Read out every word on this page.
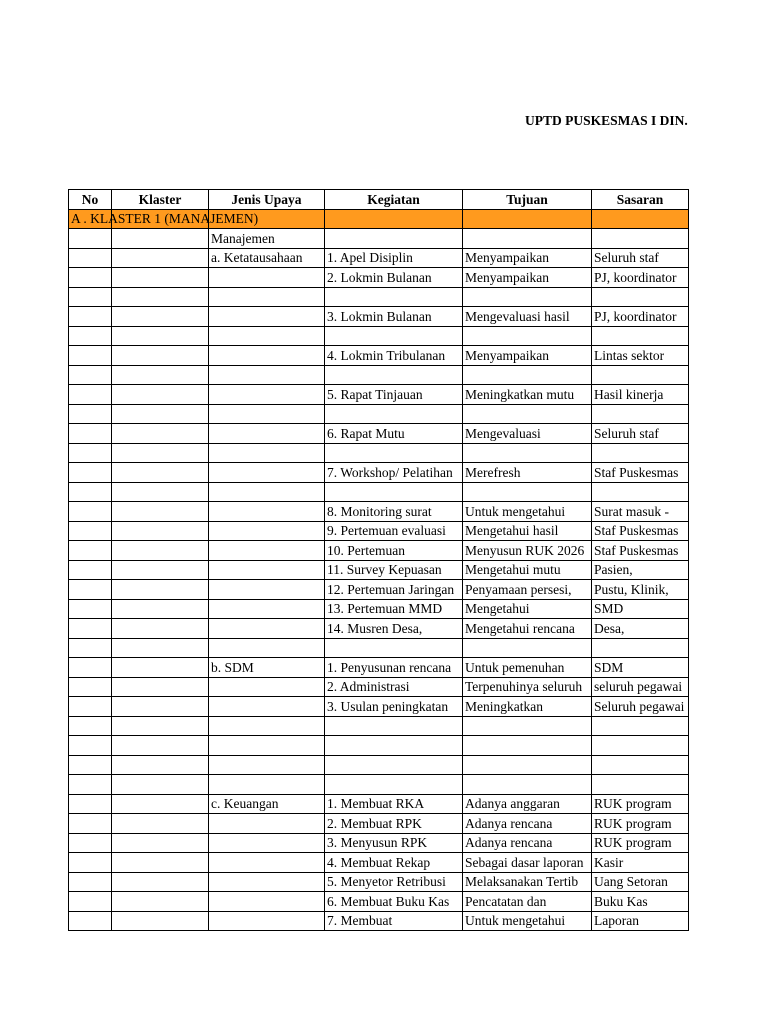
UPTD PUSKESMAS I DIN.
No	Klaster	Jenis Upaya	Kegiatan	Tujuan	Sasaran

A . KLASTER 1 (MANAJEMEN)					

		Manajemen			
		a. Ketatausahaan	1. Apel Disiplin	Menyampaikan	Seluruh staf
			2. Lokmin Bulanan	Menyampaikan	PJ, koordinator

			3. Lokmin Bulanan	Mengevaluasi hasil	PJ, koordinator

			4. Lokmin Tribulanan	Menyampaikan	Lintas sektor

			5. Rapat Tinjauan	Meningkatkan mutu	Hasil kinerja

			6. Rapat Mutu	Mengevaluasi	Seluruh staf

			7. Workshop/ Pelatihan	Merefresh	Staf Puskesmas

			8. Monitoring surat	Untuk mengetahui	Surat masuk -
			9. Pertemuan evaluasi	Mengetahui hasil	Staf Puskesmas
			10. Pertemuan	Menyusun RUK 2026	Staf Puskesmas
			11. Survey Kepuasan	Mengetahui mutu	Pasien,
			12. Pertemuan Jaringan	Penyamaan persesi,	Pustu, Klinik,
			13. Pertemuan MMD	Mengetahui	SMD
			14. Musren Desa,	Mengetahui rencana	Desa,

		b. SDM	1. Penyusunan rencana	Untuk pemenuhan	SDM
			2. Administrasi	Terpenuhinya seluruh	seluruh pegawai
			3. Usulan peningkatan	Meningkatkan	Seluruh pegawai

		c. Keuangan	1. Membuat RKA	Adanya anggaran	RUK program
			2. Membuat RPK	Adanya rencana	RUK program
			3. Menyusun RPK	Adanya rencana	RUK program
			4. Membuat Rekap	Sebagai dasar laporan	Kasir
			5. Menyetor Retribusi	Melaksanakan Tertib	Uang Setoran
			6. Membuat Buku Kas	Pencatatan dan	Buku Kas
			7. Membuat	Untuk mengetahui	Laporan
